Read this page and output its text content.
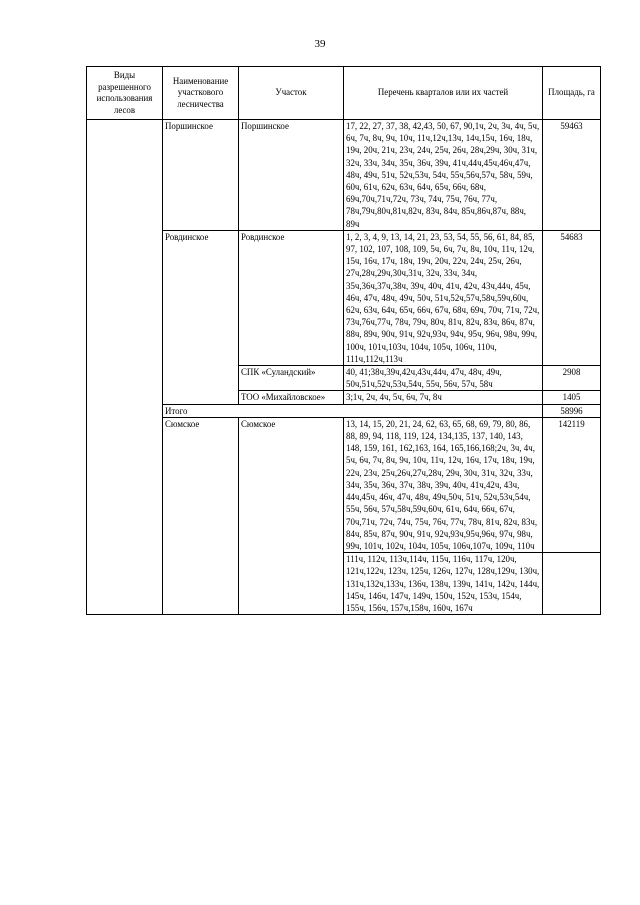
39
Виды разрешенного использования лесов	Наименование участкового лесничества	Участок	Перечень кварталов или их частей	Площадь, га
	Поршинское	Поршинское	17, 22, 27, 37, 38, 42,43, 50, 67, 90,1ч, 2ч, 3ч, 4ч, 5ч, 6ч, 7ч, 8ч, 9ч, 10ч, 11ч,12ч,13ч, 14ч,15ч, 16ч, 18ч, 19ч, 20ч, 21ч, 23ч, 24ч, 25ч, 26ч, 28ч,29ч, 30ч, 31ч, 32ч, 33ч, 34ч, 35ч, 36ч, 39ч, 41ч,44ч,45ч,46ч,47ч, 48ч, 49ч, 51ч, 52ч,53ч, 54ч, 55ч,56ч,57ч, 58ч, 59ч, 60ч, 61ч, 62ч, 63ч, 64ч, 65ч, 66ч, 68ч, 69ч,70ч,71ч,72ч, 73ч, 74ч, 75ч, 76ч, 77ч, 78ч,79ч,80ч,81ч,82ч, 83ч, 84ч, 85ч,86ч,87ч, 88ч, 89ч	59463
	Ровдинское	Ровдинское	1, 2, 3, 4, 9, 13, 14, 21, 23, 53, 54, 55, 56, 61, 84, 85, 97, 102, 107, 108, 109, 5ч, 6ч, 7ч, 8ч, 10ч, 11ч, 12ч, 15ч, 16ч, 17ч, 18ч, 19ч, 20ч, 22ч, 24ч, 25ч, 26ч, 27ч,28ч,29ч,30ч,31ч, 32ч, 33ч, 34ч, 35ч,36ч,37ч,38ч, 39ч, 40ч, 41ч, 42ч, 43ч,44ч, 45ч, 46ч, 47ч, 48ч, 49ч, 50ч, 51ч,52ч,57ч,58ч,59ч,60ч, 62ч, 63ч, 64ч, 65ч, 66ч, 67ч, 68ч, 69ч, 70ч, 71ч, 72ч, 73ч,76ч,77ч, 78ч, 79ч, 80ч, 81ч, 82ч, 83ч, 86ч, 87ч, 88ч, 89ч, 90ч, 91ч, 92ч,93ч, 94ч, 95ч, 96ч, 98ч, 99ч, 100ч, 101ч,103ч, 104ч, 105ч, 106ч, 110ч, 111ч,112ч,113ч	54683
		СПК «Суландский»	40, 41;38ч,39ч,42ч,43ч,44ч, 47ч, 48ч, 49ч, 50ч,51ч,52ч,53ч,54ч, 55ч, 56ч, 57ч, 58ч	2908
		ТОО «Михайловское»	3;1ч, 2ч, 4ч, 5ч, 6ч, 7ч, 8ч	1405
	Итого			58996
	Сюмское	Сюмское	13, 14, 15, 20, 21, 24, 62, 63, 65, 68, 69, 79, 80, 86, 88, 89, 94, 118, 119, 124, 134,135, 137, 140, 143, 148, 159, 161, 162,163, 164, 165,166,168;2ч, 3ч, 4ч, 5ч, 6ч, 7ч, 8ч, 9ч, 10ч, 11ч, 12ч, 16ч, 17ч, 18ч, 19ч, 22ч, 23ч, 25ч,26ч,27ч,28ч, 29ч, 30ч, 31ч, 32ч, 33ч, 34ч, 35ч, 36ч, 37ч, 38ч, 39ч, 40ч, 41ч,42ч, 43ч, 44ч,45ч, 46ч, 47ч, 48ч, 49ч,50ч, 51ч, 52ч,53ч,54ч, 55ч, 56ч, 57ч,58ч,59ч,60ч, 61ч, 64ч, 66ч, 67ч, 70ч,71ч, 72ч, 74ч, 75ч, 76ч, 77ч, 78ч, 81ч, 82ч, 83ч, 84ч, 85ч, 87ч, 90ч, 91ч, 92ч,93ч,95ч,96ч, 97ч, 98ч, 99ч, 101ч, 102ч, 104ч, 105ч, 106ч,107ч, 109ч, 110ч	142119
			111ч, 112ч, 113ч,114ч, 115ч, 116ч, 117ч, 120ч, 121ч,122ч, 123ч, 125ч, 126ч, 127ч, 128ч,129ч, 130ч, 131ч,132ч,133ч, 136ч, 138ч, 139ч, 141ч, 142ч, 144ч, 145ч, 146ч, 147ч, 149ч, 150ч, 152ч, 153ч, 154ч, 155ч, 156ч, 157ч,158ч, 160ч, 167ч	
